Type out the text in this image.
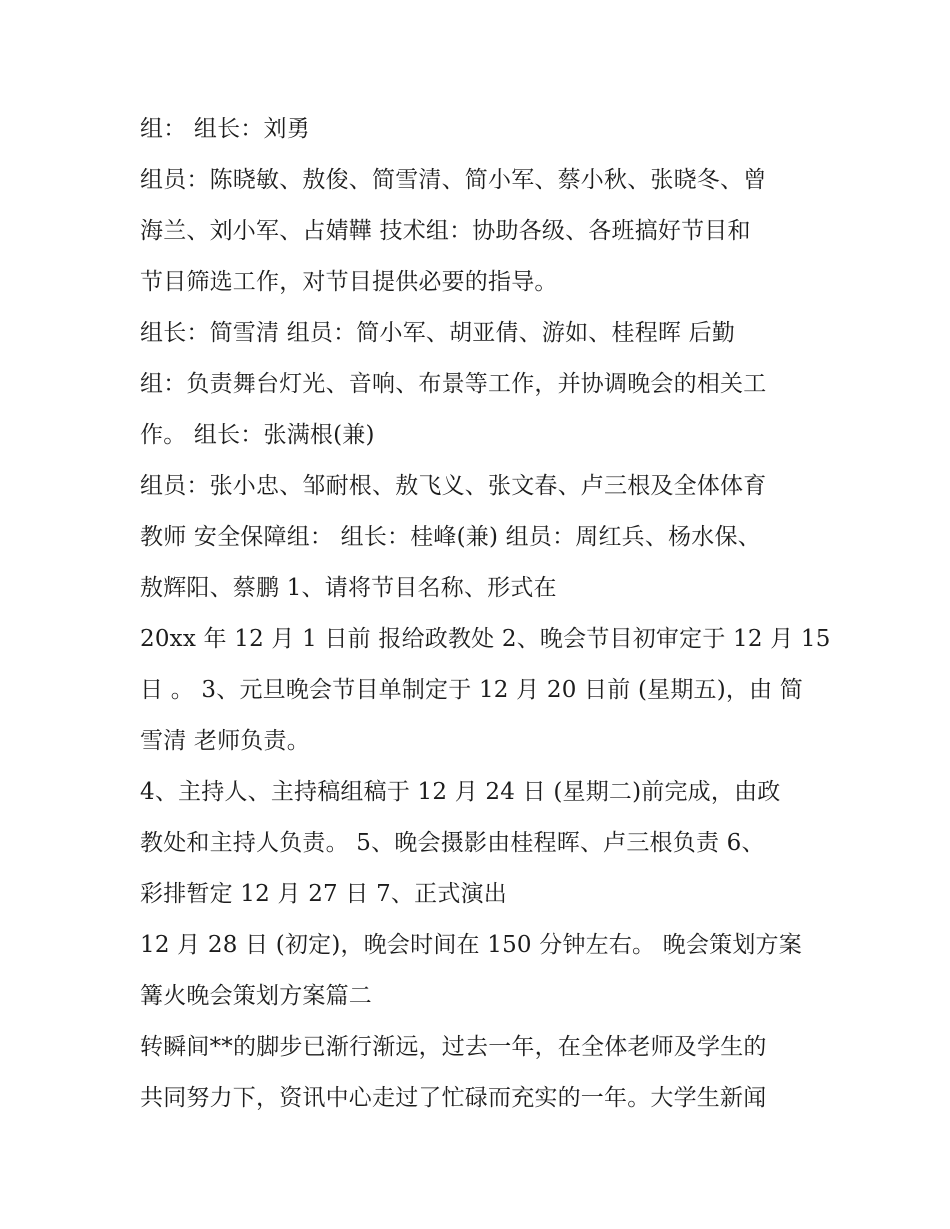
组： 组长：刘勇
组员：陈晓敏、敖俊、简雪清、简小军、蔡小秋、张晓冬、曾
海兰、刘小军、占婧鞾 技术组：协助各级、各班搞好节目和
节目筛选工作，对节目提供必要的指导。
组长：简雪清 组员：简小军、胡亚倩、游如、桂程晖 后勤
组：负责舞台灯光、音响、布景等工作，并协调晚会的相关工
作。 组长：张满根(兼)
组员：张小忠、邹耐根、敖飞义、张文春、卢三根及全体体育
教师 安全保障组： 组长：桂峰(兼) 组员：周红兵、杨水保、
敖辉阳、蔡鹏 1、请将节目名称、形式在
20xx 年 12 月 1 日前 报给政教处 2、晚会节目初审定于 12 月 15
日 。 3、元旦晚会节目单制定于 12 月 20 日前 (星期五)，由 简
雪清 老师负责。
4、主持人、主持稿组稿于 12 月 24 日 (星期二)前完成，由政
教处和主持人负责。 5、晚会摄影由桂程晖、卢三根负责 6、
彩排暂定 12 月 27 日 7、正式演出
12 月 28 日 (初定)，晚会时间在 150 分钟左右。 晚会策划方案
篝火晚会策划方案篇二
转瞬间**的脚步已渐行渐远，过去一年，在全体老师及学生的
共同努力下，资讯中心走过了忙碌而充实的一年。大学生新闻
